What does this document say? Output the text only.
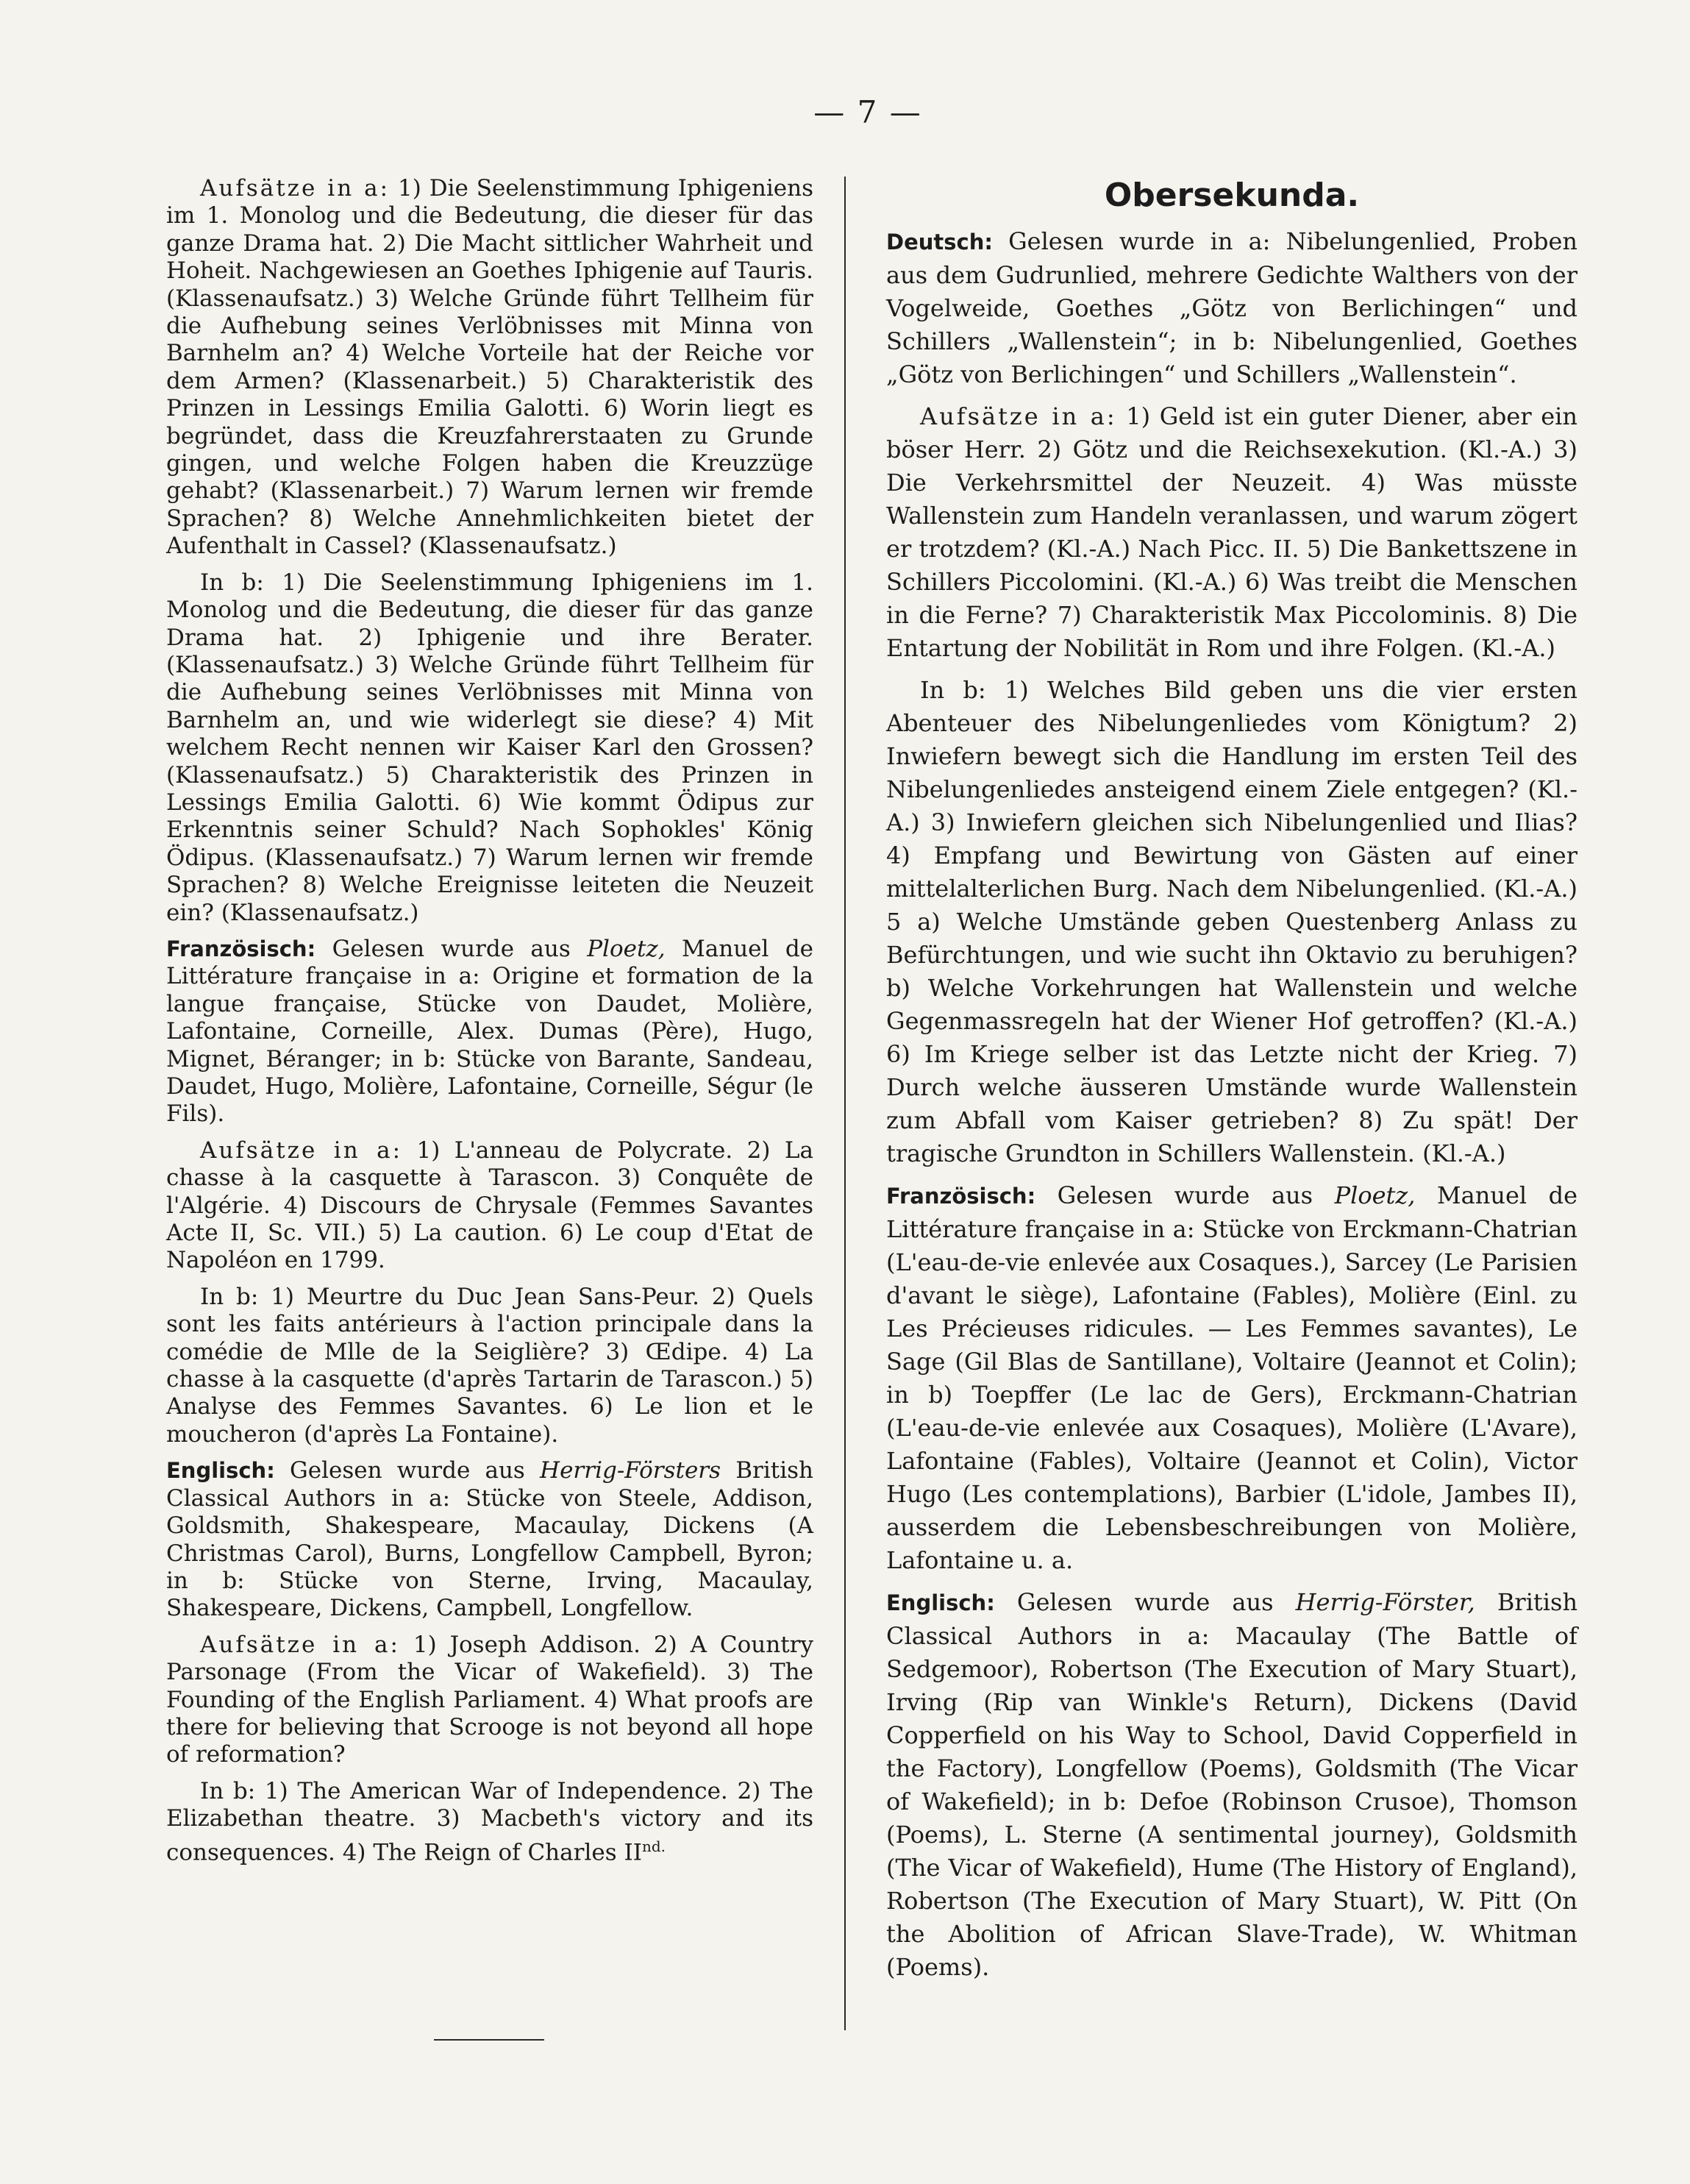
— 7 —

Aufsätze in a: 1) Die Seelenstimmung Iphigeniens im 1. Monolog und die Bedeutung, die dieser für das ganze Drama hat. 2) Die Macht sittlicher Wahrheit und Hoheit. Nachgewiesen an Goethes Iphigenie auf Tauris. (Klassenaufsatz.) 3) Welche Gründe führt Tellheim für die Aufhebung seines Verlöbnisses mit Minna von Barnhelm an? 4) Welche Vorteile hat der Reiche vor dem Armen? (Klassenarbeit.) 5) Charakteristik des Prinzen in Lessings Emilia Galotti. 6) Worin liegt es begründet, dass die Kreuzfahrerstaaten zu Grunde gingen, und welche Folgen haben die Kreuzzüge gehabt? (Klassenarbeit.) 7) Warum lernen wir fremde Sprachen? 8) Welche Annehmlichkeiten bietet der Aufenthalt in Cassel? (Klassenaufsatz.)

In b: 1) Die Seelenstimmung Iphigeniens im 1. Monolog und die Bedeutung, die dieser für das ganze Drama hat. 2) Iphigenie und ihre Berater. (Klassenaufsatz.) 3) Welche Gründe führt Tellheim für die Aufhebung seines Verlöbnisses mit Minna von Barnhelm an, und wie widerlegt sie diese? 4) Mit welchem Recht nennen wir Kaiser Karl den Grossen? (Klassenaufsatz.) 5) Charakteristik des Prinzen in Lessings Emilia Galotti. 6) Wie kommt Ödipus zur Erkenntnis seiner Schuld? Nach Sophokles' König Ödipus. (Klassenaufsatz.) 7) Warum lernen wir fremde Sprachen? 8) Welche Ereignisse leiteten die Neuzeit ein? (Klassenaufsatz.)

Französisch: Gelesen wurde aus Ploetz, Manuel de Littérature française in a: Origine et formation de la langue française, Stücke von Daudet, Molière, Lafontaine, Corneille, Alex. Dumas (Père), Hugo, Mignet, Béranger; in b: Stücke von Barante, Sandeau, Daudet, Hugo, Molière, Lafontaine, Corneille, Ségur (le Fils).

Aufsätze in a: 1) L'anneau de Polycrate. 2) La chasse à la casquette à Tarascon. 3) Conquête de l'Algérie. 4) Discours de Chrysale (Femmes Savantes Acte II, Sc. VII.) 5) La caution. 6) Le coup d'Etat de Napoléon en 1799.

In b: 1) Meurtre du Duc Jean Sans-Peur. 2) Quels sont les faits antérieurs à l'action principale dans la comédie de Mlle de la Seiglière? 3) Œdipe. 4) La chasse à la casquette (d'après Tartarin de Tarascon.) 5) Analyse des Femmes Savantes. 6) Le lion et le moucheron (d'après La Fontaine).

Englisch: Gelesen wurde aus Herrig-Försters British Classical Authors in a: Stücke von Steele, Addison, Goldsmith, Shakespeare, Macaulay, Dickens (A Christmas Carol), Burns, Longfellow Campbell, Byron; in b: Stücke von Sterne, Irving, Macaulay, Shakespeare, Dickens, Campbell, Longfellow.

Aufsätze in a: 1) Joseph Addison. 2) A Country Parsonage (From the Vicar of Wakefield). 3) The Founding of the English Parliament. 4) What proofs are there for believing that Scrooge is not beyond all hope of reformation?

In b: 1) The American War of Independence. 2) The Elizabethan theatre. 3) Macbeth's victory and its consequences. 4) The Reign of Charles $II^{nd.}$

Obersekunda.

Deutsch: Gelesen wurde in a: Nibelungenlied, Proben aus dem Gudrunlied, mehrere Gedichte Walthers von der Vogelweide, Goethes „Götz von Berlichingen“ und Schillers „Wallenstein“; in b: Nibelungenlied, Goethes „Götz von Berlichingen“ und Schillers „Wallenstein“.

Aufsätze in a: 1) Geld ist ein guter Diener, aber ein böser Herr. 2) Götz und die Reichsexekution. (Kl.-A.) 3) Die Verkehrsmittel der Neuzeit. 4) Was müsste Wallenstein zum Handeln veranlassen, und warum zögert er trotzdem? (Kl.-A.) Nach Picc. II. 5) Die Bankettszene in Schillers Piccolomini. (Kl.-A.) 6) Was treibt die Menschen in die Ferne? 7) Charakteristik Max Piccolominis. 8) Die Entartung der Nobilität in Rom und ihre Folgen. (Kl.-A.)

In b: 1) Welches Bild geben uns die vier ersten Abenteuer des Nibelungenliedes vom Königtum? 2) Inwiefern bewegt sich die Handlung im ersten Teil des Nibelungenliedes ansteigend einem Ziele entgegen? (Kl.-A.) 3) Inwiefern gleichen sich Nibelungenlied und Ilias? 4) Empfang und Bewirtung von Gästen auf einer mittelalterlichen Burg. Nach dem Nibelungenlied. (Kl.-A.) 5 a) Welche Umstände geben Questenberg Anlass zu Befürchtungen, und wie sucht ihn Oktavio zu beruhigen? b) Welche Vorkehrungen hat Wallenstein und welche Gegenmassregeln hat der Wiener Hof getroffen? (Kl.-A.) 6) Im Kriege selber ist das Letzte nicht der Krieg. 7) Durch welche äusseren Umstände wurde Wallenstein zum Abfall vom Kaiser getrieben? 8) Zu spät! Der tragische Grundton in Schillers Wallenstein. (Kl.-A.)

Französisch: Gelesen wurde aus Ploetz, Manuel de Littérature française in a: Stücke von Erckmann-Chatrian (L'eau-de-vie enlevée aux Cosaques.), Sarcey (Le Parisien d'avant le siège), Lafontaine (Fables), Molière (Einl. zu Les Précieuses ridicules. — Les Femmes savantes), Le Sage (Gil Blas de Santillane), Voltaire (Jeannot et Colin); in b) Toepffer (Le lac de Gers), Erckmann-Chatrian (L'eau-de-vie enlevée aux Cosaques), Molière (L'Avare), Lafontaine (Fables), Voltaire (Jeannot et Colin), Victor Hugo (Les contemplations), Barbier (L'idole, Jambes II), ausserdem die Lebensbeschreibungen von Molière, Lafontaine u. a.

Englisch: Gelesen wurde aus Herrig-Förster, British Classical Authors in a: Macaulay (The Battle of Sedgemoor), Robertson (The Execution of Mary Stuart), Irving (Rip van Winkle's Return), Dickens (David Copperfield on his Way to School, David Copperfield in the Factory), Longfellow (Poems), Goldsmith (The Vicar of Wakefield); in b: Defoe (Robinson Crusoe), Thomson (Poems), L. Sterne (A sentimental journey), Goldsmith (The Vicar of Wakefield), Hume (The History of England), Robertson (The Execution of Mary Stuart), W. Pitt (On the Abolition of African Slave-Trade), W. Whitman (Poems).
